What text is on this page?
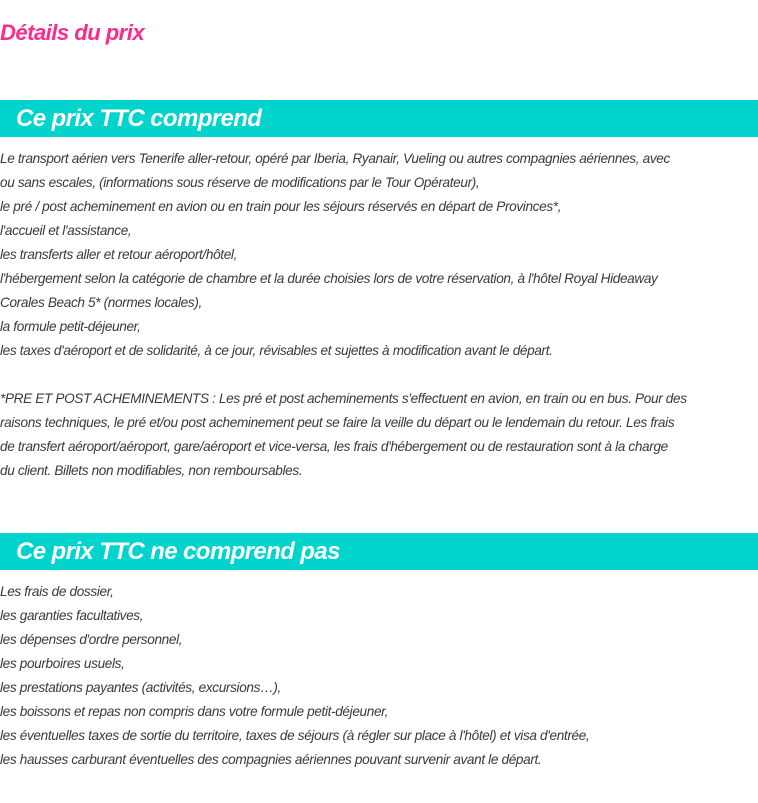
Détails du prix
Ce prix TTC comprend
Le transport aérien vers Tenerife aller-retour, opéré par Iberia, Ryanair, Vueling ou autres compagnies aériennes, avec
ou sans escales, (informations sous réserve de modifications par le Tour Opérateur),
le pré / post acheminement en avion ou en train pour les séjours réservés en départ de Provinces*,
l'accueil et l'assistance,
les transferts aller et retour aéroport/hôtel,
l'hébergement selon la catégorie de chambre et la durée choisies lors de votre réservation, à l'hôtel Royal Hideaway
Corales Beach 5* (normes locales),
la formule petit-déjeuner,
les taxes d'aéroport et de solidarité, à ce jour, révisables et sujettes à modification avant le départ.
*PRE ET POST ACHEMINEMENTS : Les pré et post acheminements s'effectuent en avion, en train ou en bus. Pour des
raisons techniques, le pré et/ou post acheminement peut se faire la veille du départ ou le lendemain du retour. Les frais
de transfert aéroport/aéroport, gare/aéroport et vice-versa, les frais d'hébergement ou de restauration sont à la charge
du client. Billets non modifiables, non remboursables.
Ce prix TTC ne comprend pas
Les frais de dossier,
les garanties facultatives,
les dépenses d'ordre personnel,
les pourboires usuels,
les prestations payantes (activités, excursions…),
les boissons et repas non compris dans votre formule petit-déjeuner,
les éventuelles taxes de sortie du territoire, taxes de séjours (à régler sur place à l'hôtel) et visa d'entrée,
les hausses carburant éventuelles des compagnies aériennes pouvant survenir avant le départ.
